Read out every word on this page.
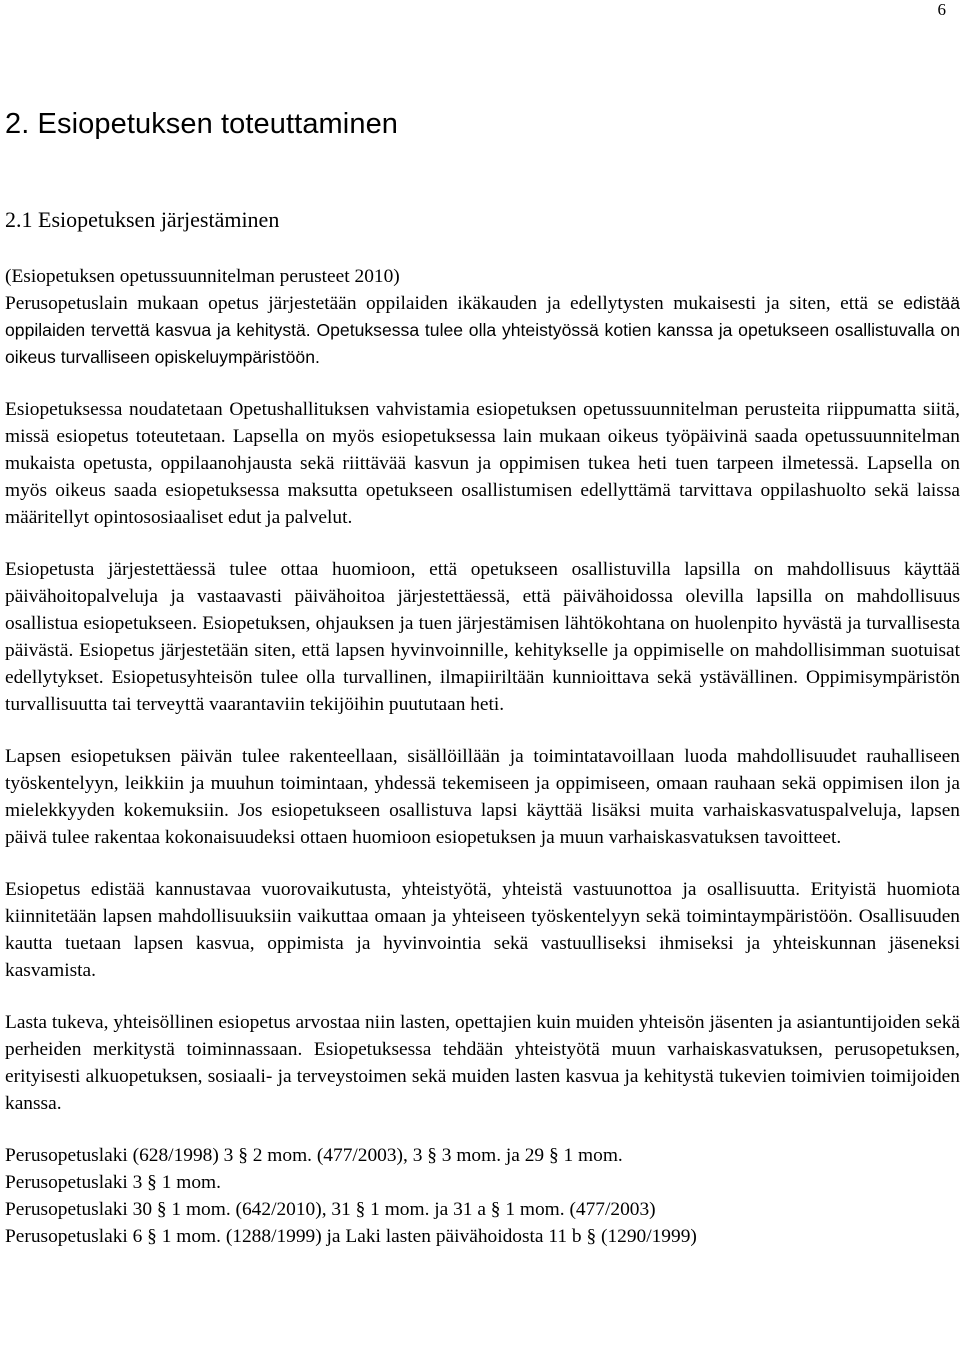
6
2. Esiopetuksen toteuttaminen
2.1 Esiopetuksen järjestäminen

(Esiopetuksen opetussuunnitelman perusteet 2010)

Perusopetuslain mukaan opetus järjestetään oppilaiden ikäkauden ja edellytysten mukaisesti ja siten, että se edistää oppilaiden tervettä kasvua ja kehitystä. Opetuksessa tulee olla yhteistyössä kotien kanssa ja opetukseen osallistuvalla on oikeus turvalliseen opiskeluympäristöön.

Esiopetuksessa noudatetaan Opetushallituksen vahvistamia esiopetuksen opetussuunnitelman perusteita riippumatta siitä, missä esiopetus toteutetaan. Lapsella on myös esiopetuksessa lain mukaan oikeus työpäivinä saada opetussuunnitelman mukaista opetusta, oppilaanohjausta sekä riittävää kasvun ja oppimisen tukea heti tuen tarpeen ilmetessä. Lapsella on myös oikeus saada esiopetuksessa maksutta opetukseen osallistumisen edellyttämä tarvittava oppilashuolto sekä laissa määritellyt opintososiaaliset edut ja palvelut.

Esiopetusta järjestettäessä tulee ottaa huomioon, että opetukseen osallistuvilla lapsilla on mahdollisuus käyttää päivähoitopalveluja ja vastaavasti päivähoitoa järjestettäessä, että päivähoidossa olevilla lapsilla on mahdollisuus osallistua esiopetukseen. Esiopetuksen, ohjauksen ja tuen järjestämisen lähtökohtana on huolenpito hyvästä ja turvallisesta päivästä. Esiopetus järjestetään siten, että lapsen hyvinvoinnille, kehitykselle ja oppimiselle on mahdollisimman suotuisat edellytykset. Esiopetusyhteisön tulee olla turvallinen, ilmapiiriltään kunnioittava sekä ystävällinen. Oppimisympäristön turvallisuutta tai terveyttä vaarantaviin tekijöihin puututaan heti.

Lapsen esiopetuksen päivän tulee rakenteellaan, sisällöillään ja toimintatavoillaan luoda mahdollisuudet rauhalliseen työskentelyyn, leikkiin ja muuhun toimintaan, yhdessä tekemiseen ja oppimiseen, omaan rauhaan sekä oppimisen ilon ja mielekkyyden kokemuksiin. Jos esiopetukseen osallistuva lapsi käyttää lisäksi muita varhaiskasvatuspalveluja, lapsen päivä tulee rakentaa kokonaisuudeksi ottaen huomioon esiopetuksen ja muun varhaiskasvatuksen tavoitteet.

Esiopetus edistää kannustavaa vuorovaikutusta, yhteistyötä, yhteistä vastuunottoa ja osallisuutta. Erityistä huomiota kiinnitetään lapsen mahdollisuuksiin vaikuttaa omaan ja yhteiseen työskentelyyn sekä toimintaympäristöön. Osallisuuden kautta tuetaan lapsen kasvua, oppimista ja hyvinvointia sekä vastuulliseksi ihmiseksi ja yhteiskunnan jäseneksi kasvamista.

Lasta tukeva, yhteisöllinen esiopetus arvostaa niin lasten, opettajien kuin muiden yhteisön jäsenten ja asiantuntijoiden sekä perheiden merkitystä toiminnassaan. Esiopetuksessa tehdään yhteistyötä muun varhaiskasvatuksen, perusopetuksen, erityisesti alkuopetuksen, sosiaali- ja terveystoimen sekä muiden lasten kasvua ja kehitystä tukevien toimivien toimijoiden kanssa.

Perusopetuslaki (628/1998) 3 § 2 mom. (477/2003), 3 § 3 mom. ja 29 § 1 mom.

Perusopetuslaki 3 § 1 mom.

Perusopetuslaki 30 § 1 mom. (642/2010), 31 § 1 mom. ja 31 a § 1 mom. (477/2003)

Perusopetuslaki 6 § 1 mom. (1288/1999) ja Laki lasten päivähoidosta 11 b § (1290/1999)
